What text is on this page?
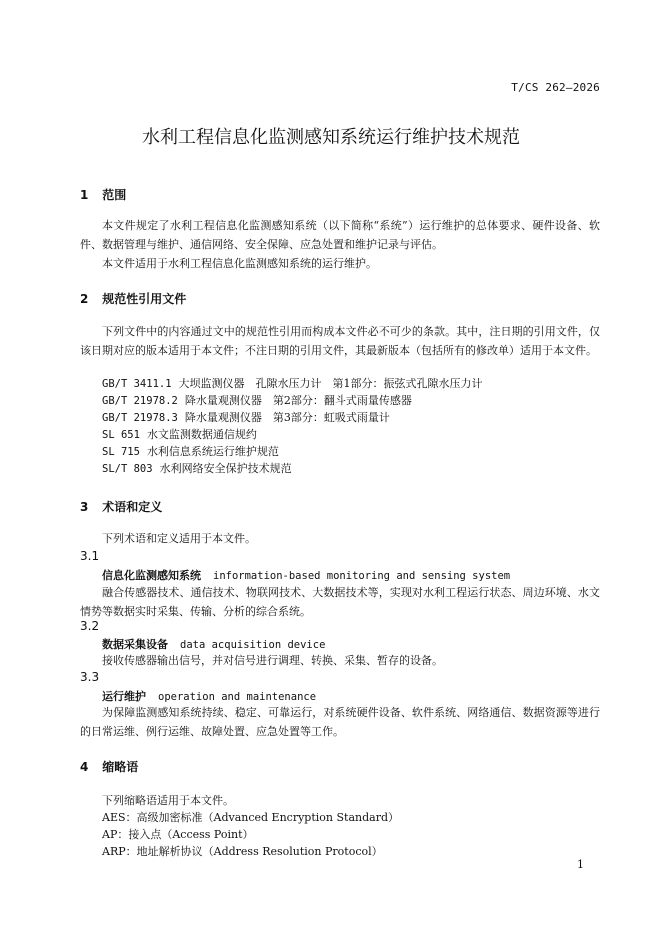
T/CS 262—2026
水利工程信息化监测感知系统运行维护技术规范
1 范围
本文件规定了水利工程信息化监测感知系统（以下简称“系统”）运行维护的总体要求、硬件设备、软件、数据管理与维护、通信网络、安全保障、应急处置和维护记录与评估。
本文件适用于水利工程信息化监测感知系统的运行维护。
2 规范性引用文件
下列文件中的内容通过文中的规范性引用而构成本文件必不可少的条款。其中，注日期的引用文件，仅该日期对应的版本适用于本文件；不注日期的引用文件，其最新版本（包括所有的修改单）适用于本文件。
GB/T 3411.1 大坝监测仪器　孔隙水压力计　第1部分：振弦式孔隙水压力计
GB/T 21978.2 降水量观测仪器　第2部分：翻斗式雨量传感器
GB/T 21978.3 降水量观测仪器　第3部分：虹吸式雨量计
SL 651 水文监测数据通信规约
SL 715 水利信息系统运行维护规范
SL/T 803 水利网络安全保护技术规范
3 术语和定义
下列术语和定义适用于本文件。
3.1
信息化监测感知系统 information-based monitoring and sensing system
融合传感器技术、通信技术、物联网技术、大数据技术等，实现对水利工程运行状态、周边环境、水文情势等数据实时采集、传输、分析的综合系统。
3.2
数据采集设备 data acquisition device
接收传感器输出信号，并对信号进行调理、转换、采集、暂存的设备。
3.3
运行维护 operation and maintenance
为保障监测感知系统持续、稳定、可靠运行，对系统硬件设备、软件系统、网络通信、数据资源等进行的日常运维、例行运维、故障处置、应急处置等工作。
4 缩略语
下列缩略语适用于本文件。
AES：高级加密标准（Advanced Encryption Standard）
AP：接入点（Access Point）
ARP：地址解析协议（Address Resolution Protocol）
1
